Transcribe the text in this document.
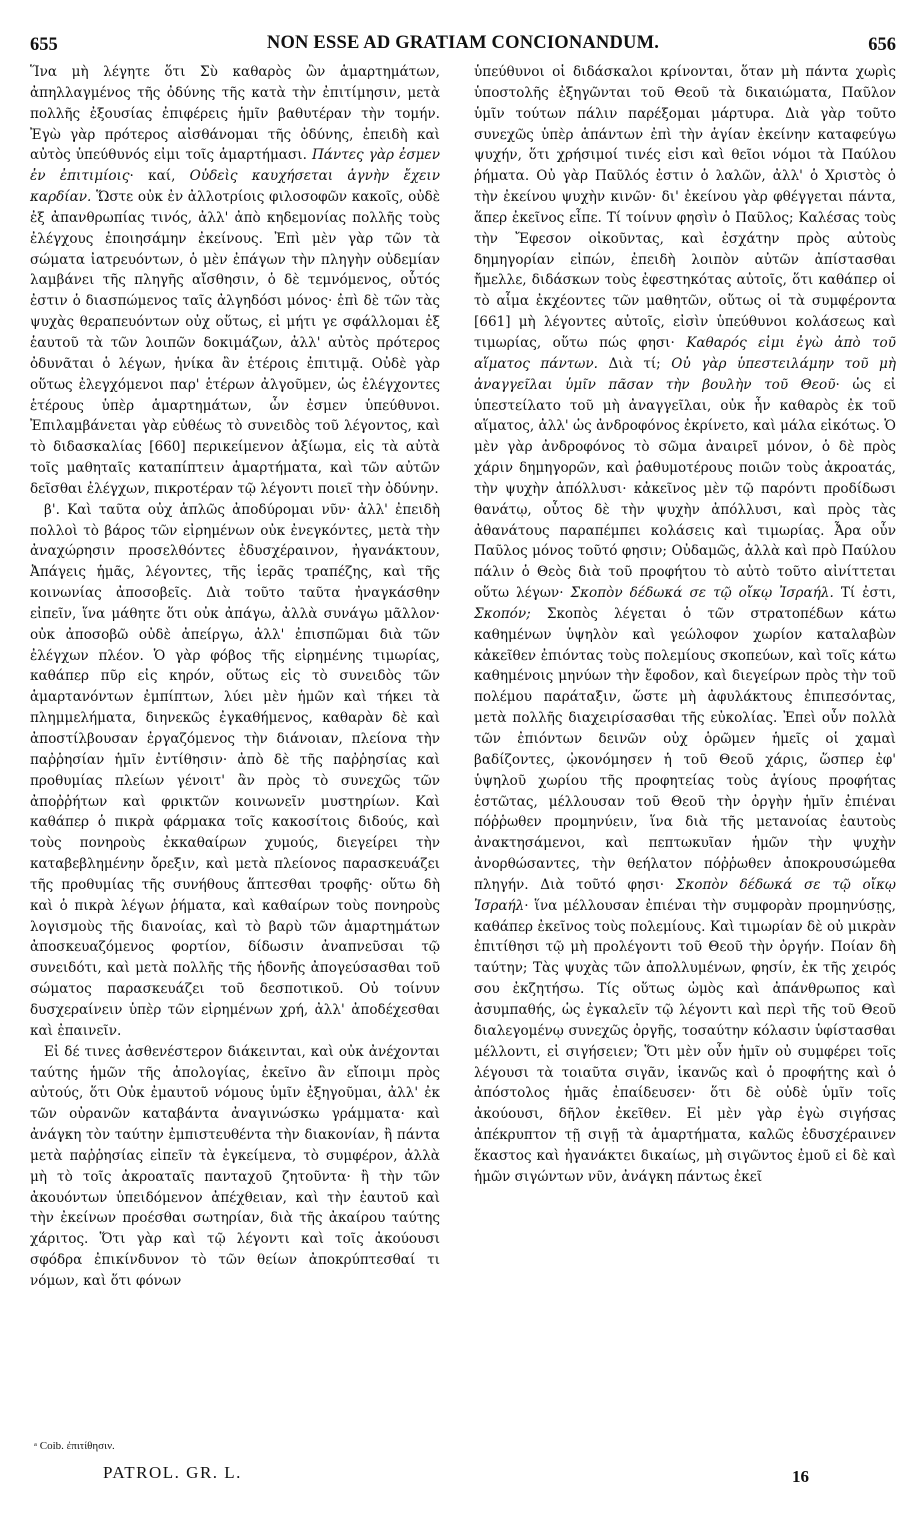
655	NON ESSE AD GRATIAM CONCIONANDUM.	656

Ἵνα μὴ λέγητε ὅτι Σὺ καθαρὸς ὢν ἁμαρτημάτων, ἀπηλλαγμένος τῆς ὀδύνης τῆς κατὰ τὴν ἐπιτίμησιν, μετὰ πολλῆς ἐξουσίας ἐπιφέρεις ἡμῖν βαθυτέραν τὴν τομήν. Ἐγὼ γὰρ πρότερος αἰσθάνομαι τῆς ὀδύνης, ἐπειδὴ καὶ αὐτὸς ὑπεύθυνός εἰμι τοῖς ἁμαρτήμασι. Πάντες γὰρ ἐσμεν ἐν ἐπιτιμίοις· καί, Οὐδεὶς καυχήσεται ἁγνὴν ἔχειν καρδίαν. Ὥστε οὐκ ἐν ἀλλοτρίοις φιλοσοφῶν κακοῖς, οὐδὲ ἐξ ἀπανθρωπίας τινός, ἀλλ' ἀπὸ κηδεμονίας πολλῆς τοὺς ἐλέγχους ἐποιησάμην ἐκείνους. Ἐπὶ μὲν γὰρ τῶν τὰ σώματα ἰατρευόντων, ὁ μὲν ἐπάγων τὴν πληγὴν οὐδεμίαν λαμβάνει τῆς πληγῆς αἴσθησιν, ὁ δὲ τεμνόμενος, οὗτός ἐστιν ὁ διασπώμενος ταῖς ἀλγηδόσι μόνος· ἐπὶ δὲ τῶν τὰς ψυχὰς θεραπευόντων οὐχ οὕτως, εἰ μήτι γε σφάλλομαι ἐξ ἑαυτοῦ τὰ τῶν λοιπῶν δοκιμάζων, ἀλλ' αὐτὸς πρότερος ὀδυνᾶται ὁ λέγων, ἡνίκα ἂν ἑτέροις ἐπιτιμᾷ. Οὐδὲ γὰρ οὕτως ἐλεγχόμενοι παρ' ἑτέρων ἀλγοῦμεν, ὡς ἐλέγχοντες ἑτέρους ὑπὲρ ἁμαρτημάτων, ὧν ἐσμεν ὑπεύθυνοι. Ἐπιλαμβάνεται γὰρ εὐθέως τὸ συνειδὸς τοῦ λέγοντος, καὶ τὸ διδασκαλίας [660] περικείμενον ἀξίωμα, εἰς τὰ αὐτὰ τοῖς μαθηταῖς καταπίπτειν ἁμαρτήματα, καὶ τῶν αὐτῶν δεῖσθαι ἐλέγχων, πικροτέραν τῷ λέγοντι ποιεῖ τὴν ὀδύνην.

β'. Καὶ ταῦτα οὐχ ἁπλῶς ἀποδύρομαι νῦν· ἀλλ' ἐπειδὴ πολλοὶ τὸ βάρος τῶν εἰρημένων οὐκ ἐνεγκόντες, μετὰ τὴν ἀναχώρησιν προσελθόντες ἐδυσχέραινον, ἠγανάκτουν, Ἀπάγεις ἡμᾶς, λέγοντες, τῆς ἱερᾶς τραπέζης, καὶ τῆς κοινωνίας ἀποσοβεῖς. Διὰ τοῦτο ταῦτα ἠναγκάσθην εἰπεῖν, ἵνα μάθητε ὅτι οὐκ ἀπάγω, ἀλλὰ συνάγω μᾶλλον· οὐκ ἀποσοβῶ οὐδὲ ἀπείργω, ἀλλ' ἐπισπῶμαι διὰ τῶν ἐλέγχων πλέον. Ὁ γὰρ φόβος τῆς εἰρημένης τιμωρίας, καθάπερ πῦρ εἰς κηρόν, οὕτως εἰς τὸ συνειδὸς τῶν ἁμαρτανόντων ἐμπίπτων, λύει μὲν ἡμῶν καὶ τήκει τὰ πλημμελήματα, διηνεκῶς ἐγκαθήμενος, καθαρὰν δὲ καὶ ἀποστίλβουσαν ἐργαζόμενος τὴν διάνοιαν, πλείονα τὴν παῤῥησίαν ἡμῖν ἐντίθησιν· ἀπὸ δὲ τῆς παῤῥησίας καὶ προθυμίας πλείων γένοιτ' ἂν πρὸς τὸ συνεχῶς τῶν ἀποῤῥήτων καὶ φρικτῶν κοινωνεῖν μυστηρίων. Καὶ καθάπερ ὁ πικρὰ φάρμακα τοῖς κακοσίτοις διδούς, καὶ τοὺς πονηροὺς ἐκκαθαίρων χυμούς, διεγείρει τὴν καταβεβλημένην ὄρεξιν, καὶ μετὰ πλείονος παρασκευάζει τῆς προθυμίας τῆς συνήθους ἅπτεσθαι τροφῆς· οὕτω δὴ καὶ ὁ πικρὰ λέγων ῥήματα, καὶ καθαίρων τοὺς πονηροὺς λογισμοὺς τῆς διανοίας, καὶ τὸ βαρὺ τῶν ἁμαρτημάτων ἀποσκευαζόμενος φορτίον, δίδωσιν ἀναπνεῦσαι τῷ συνειδότι, καὶ μετὰ πολλῆς τῆς ἡδονῆς ἀπογεύσασθαι τοῦ σώματος παρασκευάζει τοῦ δεσποτικοῦ. Οὐ τοίνυν δυσχεραίνειν ὑπὲρ τῶν εἰρημένων χρή, ἀλλ' ἀποδέχεσθαι καὶ ἐπαινεῖν.

Εἰ δέ τινες ἀσθενέστερον διάκεινται, καὶ οὐκ ἀνέχονται ταύτης ἡμῶν τῆς ἀπολογίας, ἐκεῖνο ἂν εἴποιμι πρὸς αὐτούς, ὅτι Οὐκ ἐμαυτοῦ νόμους ὑμῖν ἐξηγοῦμαι, ἀλλ' ἐκ τῶν οὐρανῶν καταβάντα ἀναγινώσκω γράμματα· καὶ ἀνάγκη τὸν ταύτην ἐμπιστευθέντα τὴν διακονίαν, ἢ πάντα μετὰ παῤῥησίας εἰπεῖν τὰ ἐγκείμενα, τὸ συμφέρον, ἀλλὰ μὴ τὸ τοῖς ἀκροαταῖς πανταχοῦ ζητοῦντα· ἢ τὴν τῶν ἀκουόντων ὑπειδόμενον ἀπέχθειαν, καὶ τὴν ἑαυτοῦ καὶ τὴν ἐκείνων προέσθαι σωτηρίαν, διὰ τῆς ἀκαίρου ταύτης χάριτος. Ὅτι γὰρ καὶ τῷ λέγοντι καὶ τοῖς ἀκούουσι σφόδρα ἐπικίνδυνον τὸ τῶν θείων ἀποκρύπτεσθαί τι νόμων, καὶ ὅτι φόνων

ὑπεύθυνοι οἱ διδάσκαλοι κρίνονται, ὅταν μὴ πάντα χωρὶς ὑποστολῆς ἐξηγῶνται τοῦ Θεοῦ τὰ δικαιώματα, Παῦλον ὑμῖν τούτων πάλιν παρέξομαι μάρτυρα. Διὰ γὰρ τοῦτο συνεχῶς ὑπὲρ ἁπάντων ἐπὶ τὴν ἁγίαν ἐκείνην καταφεύγω ψυχήν, ὅτι χρήσιμοί τινές εἰσι καὶ θεῖοι νόμοι τὰ Παύλου ῥήματα. Οὐ γὰρ Παῦλός ἐστιν ὁ λαλῶν, ἀλλ' ὁ Χριστὸς ὁ τὴν ἐκείνου ψυχὴν κινῶν· δι' ἐκείνου γὰρ φθέγγεται πάντα, ἅπερ ἐκεῖνος εἶπε. Τί τοίνυν φησὶν ὁ Παῦλος; Καλέσας τοὺς τὴν Ἔφεσον οἰκοῦντας, καὶ ἐσχάτην πρὸς αὐτοὺς δημηγορίαν εἰπών, ἐπειδὴ λοιπὸν αὐτῶν ἀπίστασθαι ἤμελλε, διδάσκων τοὺς ἐφεστηκότας αὐτοῖς, ὅτι καθάπερ οἱ τὸ αἷμα ἐκχέοντες τῶν μαθητῶν, οὕτως οἱ τὰ συμφέροντα [661] μὴ λέγοντες αὐτοῖς, εἰσὶν ὑπεύθυνοι κολάσεως καὶ τιμωρίας, οὕτω πώς φησι· Καθαρός εἰμι ἐγὼ ἀπὸ τοῦ αἵματος πάντων. Διὰ τί; Οὐ γὰρ ὑπεστειλάμην τοῦ μὴ ἀναγγεῖλαι ὑμῖν πᾶσαν τὴν βουλὴν τοῦ Θεοῦ· ὡς εἰ ὑπεστείλατο τοῦ μὴ ἀναγγεῖλαι, οὐκ ἦν καθαρὸς ἐκ τοῦ αἵματος, ἀλλ' ὡς ἀνδροφόνος ἐκρίνετο, καὶ μάλα εἰκότως. Ὁ μὲν γὰρ ἀνδροφόνος τὸ σῶμα ἀναιρεῖ μόνον, ὁ δὲ πρὸς χάριν δημηγορῶν, καὶ ῥαθυμοτέρους ποιῶν τοὺς ἀκροατάς, τὴν ψυχὴν ἀπόλλυσι· κἀκεῖνος μὲν τῷ παρόντι προδίδωσι θανάτῳ, οὗτος δὲ τὴν ψυχὴν ἀπόλλυσι, καὶ πρὸς τὰς ἀθανάτους παραπέμπει κολάσεις καὶ τιμωρίας. Ἆρα οὖν Παῦλος μόνος τοῦτό φησιν; Οὐδαμῶς, ἀλλὰ καὶ πρὸ Παύλου πάλιν ὁ Θεὸς διὰ τοῦ προφήτου τὸ αὐτὸ τοῦτο αἰνίττεται οὕτω λέγων· Σκοπὸν δέδωκά σε τῷ οἴκῳ Ἰσραήλ. Τί ἐστι, Σκοπόν; Σκοπὸς λέγεται ὁ τῶν στρατοπέδων κάτω καθημένων ὑψηλὸν καὶ γεώλοφον χωρίον καταλαβὼν κἀκεῖθεν ἐπιόντας τοὺς πολεμίους σκοπεύων, καὶ τοῖς κάτω καθημένοις μηνύων τὴν ἔφοδον, καὶ διεγείρων πρὸς τὴν τοῦ πολέμου παράταξιν, ὥστε μὴ ἀφυλάκτους ἐπιπεσόντας, μετὰ πολλῆς διαχειρίσασθαι τῆς εὐκολίας. Ἐπεὶ οὖν πολλὰ τῶν ἐπιόντων δεινῶν οὐχ ὁρῶμεν ἡμεῖς οἱ χαμαὶ βαδίζοντες, ᾠκονόμησεν ἡ τοῦ Θεοῦ χάρις, ὥσπερ ἐφ' ὑψηλοῦ χωρίου τῆς προφητείας τοὺς ἁγίους προφήτας ἑστῶτας, μέλλουσαν τοῦ Θεοῦ τὴν ὀργὴν ἡμῖν ἐπιέναι πόῤῥωθεν προμηνύειν, ἵνα διὰ τῆς μετανοίας ἑαυτοὺς ἀνακτησάμενοι, καὶ πεπτωκυῖαν ἡμῶν τὴν ψυχὴν ἀνορθώσαντες, τὴν θεήλατον πόῤῥωθεν ἀποκρουσώμεθα πληγήν. Διὰ τοῦτό φησι· Σκοπὸν δέδωκά σε τῷ οἴκῳ Ἰσραήλ· ἵνα μέλλουσαν ἐπιέναι τὴν συμφορὰν προμηνύσῃς, καθάπερ ἐκεῖνος τοὺς πολεμίους. Καὶ τιμωρίαν δὲ οὐ μικρὰν ἐπιτίθησι τῷ μὴ προλέγοντι τοῦ Θεοῦ τὴν ὀργήν. Ποίαν δὴ ταύτην; Τὰς ψυχὰς τῶν ἀπολλυμένων, φησίν, ἐκ τῆς χειρός σου ἐκζητήσω. Τίς οὕτως ὠμὸς καὶ ἀπάνθρωπος καὶ ἀσυμπαθής, ὡς ἐγκαλεῖν τῷ λέγοντι καὶ περὶ τῆς τοῦ Θεοῦ διαλεγομένῳ συνεχῶς ὀργῆς, τοσαύτην κόλασιν ὑφίστασθαι μέλλοντι, εἰ σιγήσειεν; Ὅτι μὲν οὖν ἡμῖν οὐ συμφέρει τοῖς λέγουσι τὰ τοιαῦτα σιγᾶν, ἱκανῶς καὶ ὁ προφήτης καὶ ὁ ἀπόστολος ἡμᾶς ἐπαίδευσεν· ὅτι δὲ οὐδὲ ὑμῖν τοῖς ἀκούουσι, δῆλον ἐκεῖθεν. Εἰ μὲν γὰρ ἐγὼ σιγήσας ἀπέκρυπτον τῇ σιγῇ τὰ ἁμαρτήματα, καλῶς ἐδυσχέραινεν ἕκαστος καὶ ἠγανάκτει δικαίως, μὴ σιγῶντος ἐμοῦ εἰ δὲ καὶ ἡμῶν σιγώντων νῦν, ἀνάγκη πάντως ἐκεῖ

ᵃ Coib. ἐπιτίθησιν.
PATROL. GR. L.	16
